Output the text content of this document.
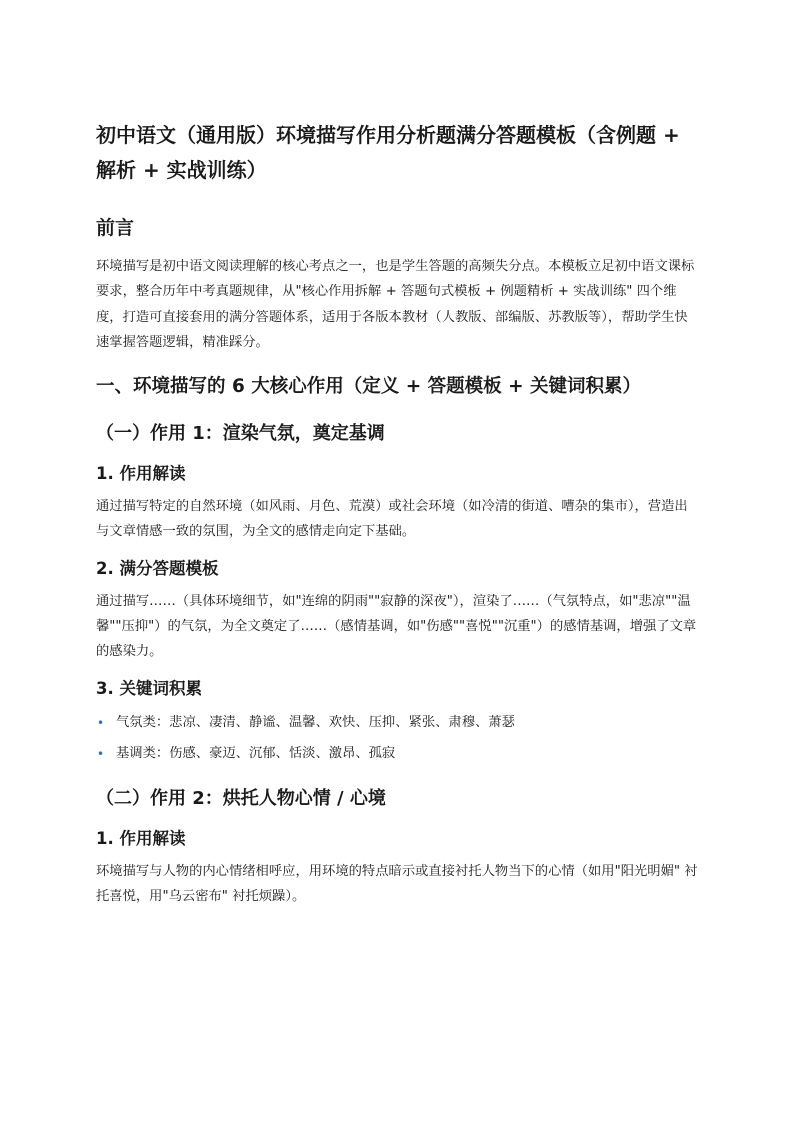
初中语文（通用版）环境描写作用分析题满分答题模板（含例题 + 解析 + 实战训练）
前言
环境描写是初中语文阅读理解的核心考点之一，也是学生答题的高频失分点。本模板立足初中语文课标要求，整合历年中考真题规律，从"核心作用拆解 + 答题句式模板 + 例题精析 + 实战训练" 四个维度，打造可直接套用的满分答题体系，适用于各版本教材（人教版、部编版、苏教版等），帮助学生快速掌握答题逻辑，精准踩分。
一、环境描写的 6 大核心作用（定义 + 答题模板 + 关键词积累）
（一）作用 1：渲染气氛，奠定基调
1. 作用解读
通过描写特定的自然环境（如风雨、月色、荒漠）或社会环境（如冷清的街道、嘈杂的集市），营造出与文章情感一致的氛围，为全文的感情走向定下基础。
2. 满分答题模板
通过描写……（具体环境细节，如"连绵的阴雨""寂静的深夜"），渲染了……（气氛特点，如"悲凉""温馨""压抑"）的气氛，为全文奠定了……（感情基调，如"伤感""喜悦""沉重"）的感情基调，增强了文章的感染力。
3. 关键词积累
• 气氛类：悲凉、凄清、静谧、温馨、欢快、压抑、紧张、肃穆、萧瑟
• 基调类：伤感、豪迈、沉郁、恬淡、激昂、孤寂
（二）作用 2：烘托人物心情 / 心境
1. 作用解读
环境描写与人物的内心情绪相呼应，用环境的特点暗示或直接衬托人物当下的心情（如用"阳光明媚" 衬托喜悦，用"乌云密布" 衬托烦躁）。
